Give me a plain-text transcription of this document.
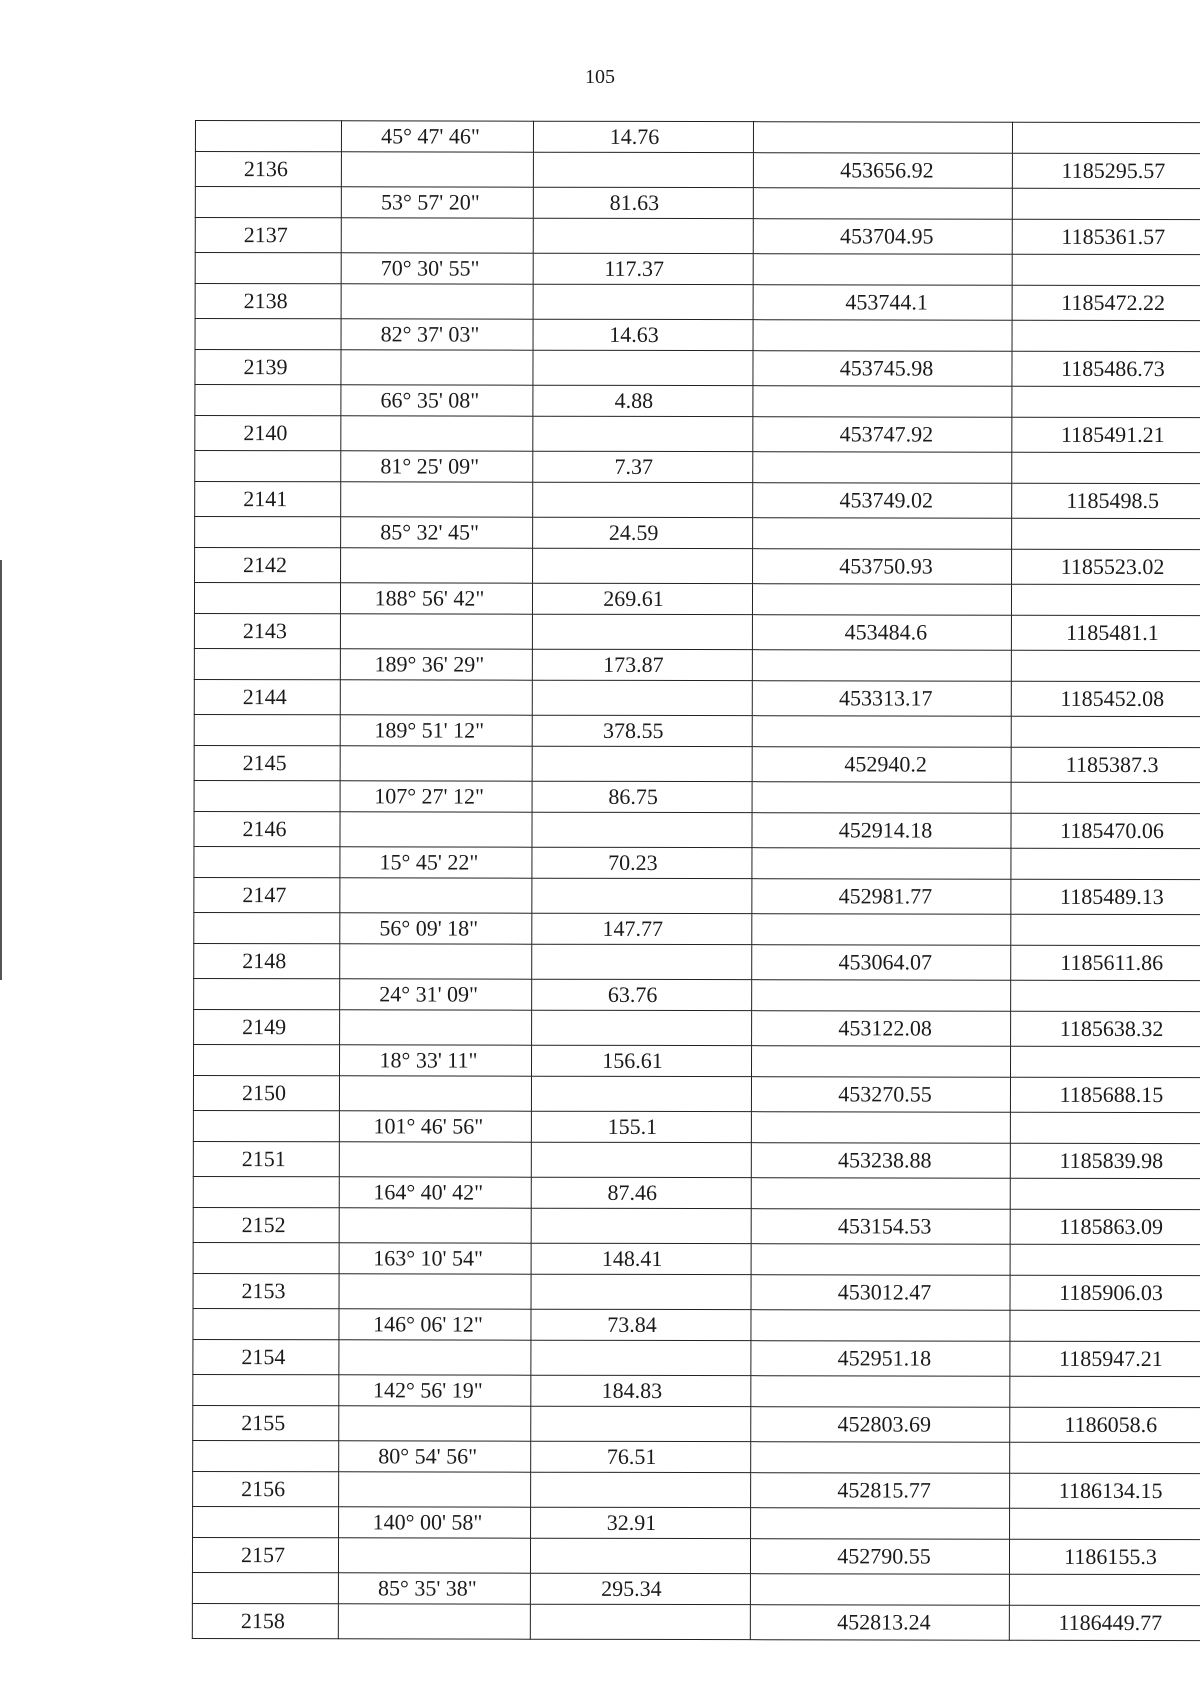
105
	45° 47' 46"	14.76		
2136			453656.92	1185295.57
	53° 57' 20"	81.63		
2137			453704.95	1185361.57
	70° 30' 55"	117.37		
2138			453744.1	1185472.22
	82° 37' 03"	14.63		
2139			453745.98	1185486.73
	66° 35' 08"	4.88		
2140			453747.92	1185491.21
	81° 25' 09"	7.37		
2141			453749.02	1185498.5
	85° 32' 45"	24.59		
2142			453750.93	1185523.02
	188° 56' 42"	269.61		
2143			453484.6	1185481.1
	189° 36' 29"	173.87		
2144			453313.17	1185452.08
	189° 51' 12"	378.55		
2145			452940.2	1185387.3
	107° 27' 12"	86.75		
2146			452914.18	1185470.06
	15° 45' 22"	70.23		
2147			452981.77	1185489.13
	56° 09' 18"	147.77		
2148			453064.07	1185611.86
	24° 31' 09"	63.76		
2149			453122.08	1185638.32
	18° 33' 11"	156.61		
2150			453270.55	1185688.15
	101° 46' 56"	155.1		
2151			453238.88	1185839.98
	164° 40' 42"	87.46		
2152			453154.53	1185863.09
	163° 10' 54"	148.41		
2153			453012.47	1185906.03
	146° 06' 12"	73.84		
2154			452951.18	1185947.21
	142° 56' 19"	184.83		
2155			452803.69	1186058.6
	80° 54' 56"	76.51		
2156			452815.77	1186134.15
	140° 00' 58"	32.91		
2157			452790.55	1186155.3
	85° 35' 38"	295.34		
2158			452813.24	1186449.77
